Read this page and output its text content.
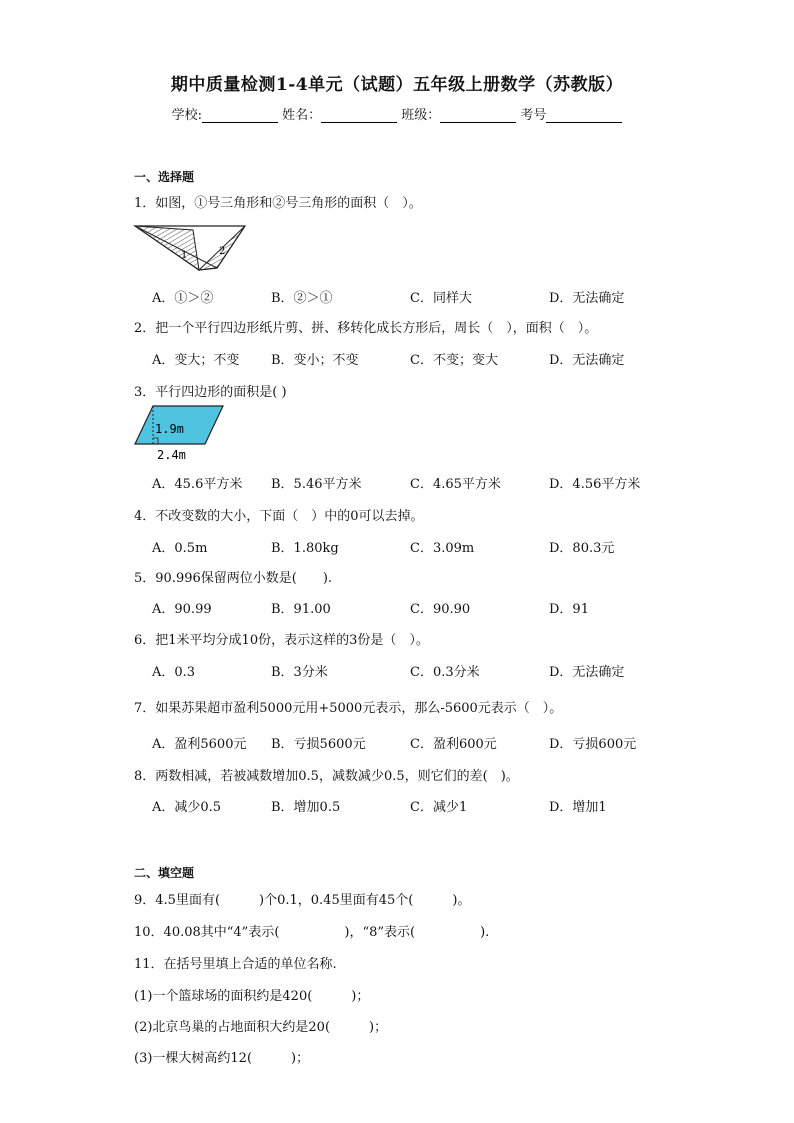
期中质量检测1-4单元（试题）五年级上册数学（苏教版）
学校:	姓名：	班级：	考号
一、选择题
1．如图，①号三角形和②号三角形的面积（　）。
1	2
A．①＞②	B．②＞①	C．同样大	D．无法确定
2．把一个平行四边形纸片剪、拼、移转化成长方形后，周长（　），面积（　）。
A．变大；不变 B．变小；不变	C．不变；变大	D．无法确定
3．平行四边形的面积是( )
1.9m
2.4m
A．45.6平方米 B．5.46平方米	C．4.65平方米	D．4.56平方米
4．不改变数的大小，下面（　）中的0可以去掉。
A．0.5m	B．1.80kg	C．3.09m	D．80.3元
5．90.996保留两位小数是(　　).
A．90.99	B．91.00	C．90.90	D．91
6．把1米平均分成10份，表示这样的3份是（　）。
A．0.3	B．3分米	C．0.3分米	D．无法确定
7．如果苏果超市盈利5000元用+5000元表示，那么-5600元表示（　）。
A．盈利5600元 B．亏损5600元	C．盈利600元	D．亏损600元
8．两数相减，若被减数增加0.5，减数减少0.5，则它们的差(　)。
A．减少0.5	B．增加0.5	C．减少1	D．增加1
二、填空题
9．4.5里面有(　　　)个0.1，0.45里面有45个(　　　)。
10．40.08其中“4”表示(　　　　　)，“8”表示(　　　　　).
11．在括号里填上合适的单位名称.
(1)一个篮球场的面积约是420(　　　)；
(2)北京鸟巢的占地面积大约是20(　　　)；
(3)一棵大树高约12(　　　)；
